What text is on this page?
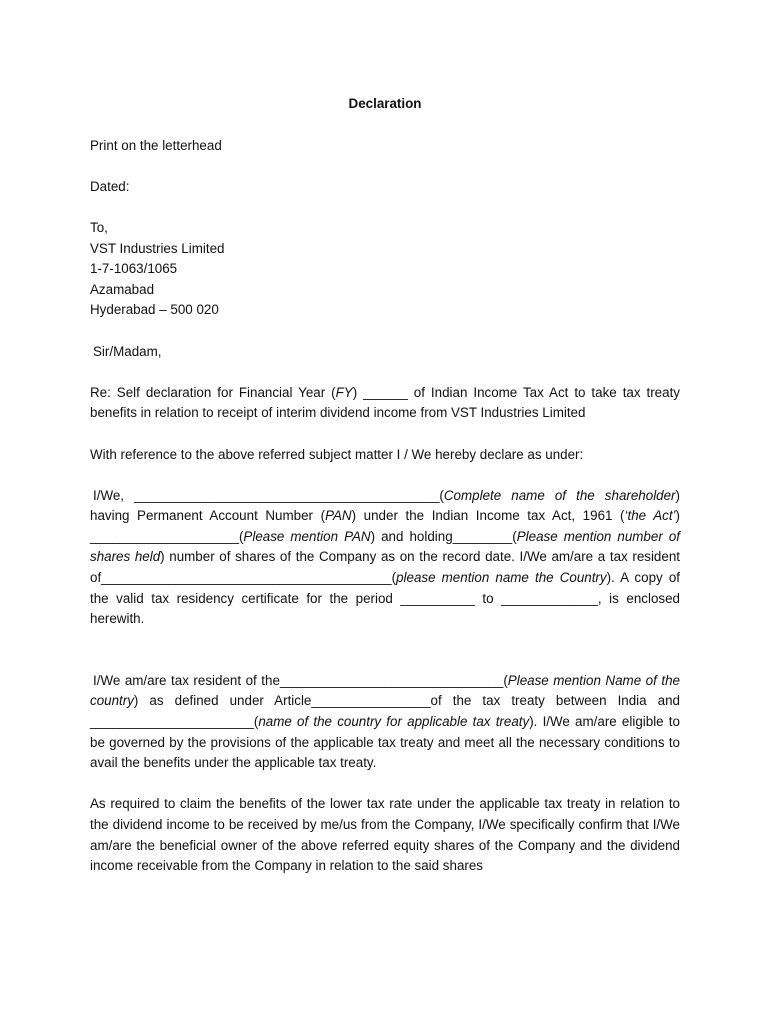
Declaration

Print on the letterhead

Dated:

To,

VST Industries Limited

1-7-1063/1065

Azamabad

Hyderabad – 500 020

Sir/Madam,

Re: Self declaration for Financial Year (FY) ______ of Indian Income Tax Act to take tax treaty

benefits in relation to receipt of interim dividend income from VST Industries Limited

With reference to the above referred subject matter I / We hereby declare as under:

I/We, _________________________________________(Complete name of the shareholder) having Permanent Account Number (PAN) under the Indian Income tax Act, 1961 (‘the Act’) ____________________(Please mention PAN) and holding________(Please mention number of shares held) number of shares of the Company as on the record date. I/We am/are a tax resident of_______________________________________(please mention name the Country). A copy of the valid tax residency certificate for the period __________ to _____________, is enclosed herewith.

I/We am/are tax resident of the______________________________(Please mention Name of the country) as defined under Article________________of the tax treaty between India and ______________________(name of the country for applicable tax treaty). I/We am/are eligible to be governed by the provisions of the applicable tax treaty and meet all the necessary conditions to avail the benefits under the applicable tax treaty.

As required to claim the benefits of the lower tax rate under the applicable tax treaty in relation to the dividend income to be received by me/us from the Company, I/We specifically confirm that I/We am/are the beneficial owner of the above referred equity shares of the Company and the dividend income receivable from the Company in relation to the said shares
